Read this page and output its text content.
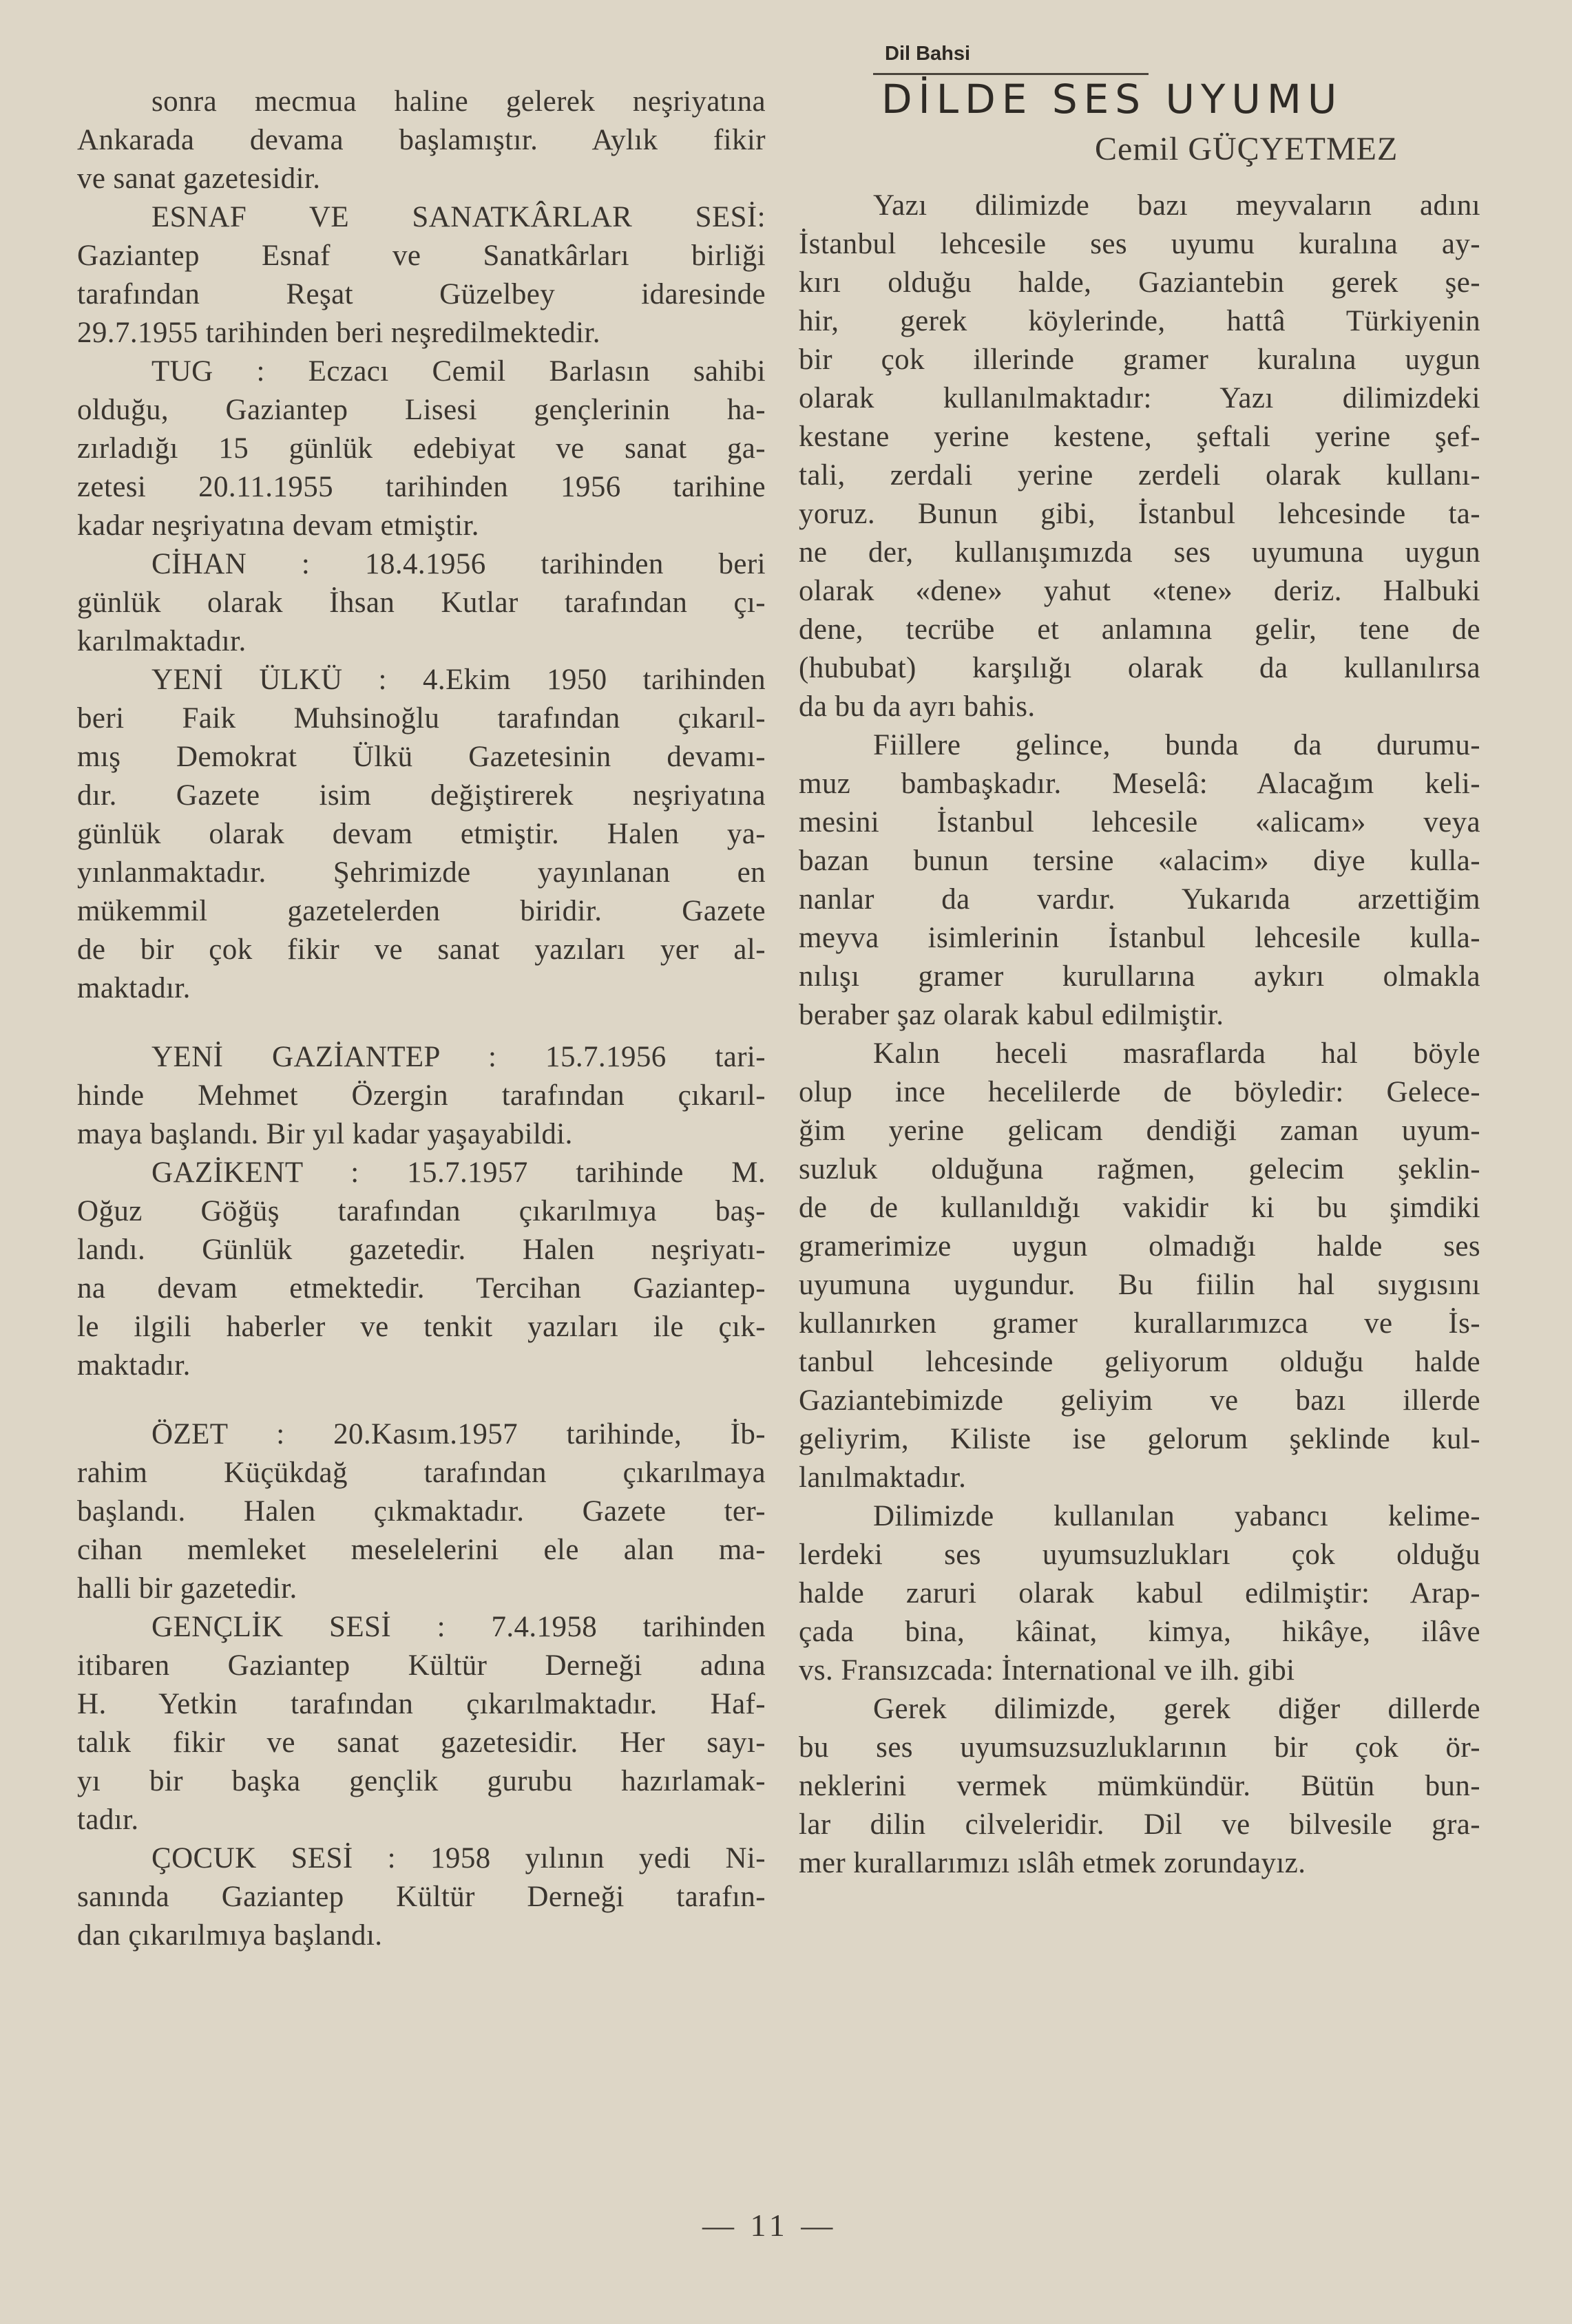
sonra mecmua haline gelerek neşriyatına
Ankarada devama başlamıştır. Aylık fikir
ve sanat gazetesidir.
ESNAF VE SANATKÂRLAR SESİ:
Gaziantep Esnaf ve Sanatkârları birliği
tarafından Reşat Güzelbey idaresinde
29.7.1955 tarihinden beri neşredilmektedir.
TUG : Eczacı Cemil Barlasın sahibi
olduğu, Gaziantep Lisesi gençlerinin ha-
zırladığı 15 günlük edebiyat ve sanat ga-
zetesi 20.11.1955 tarihinden 1956 tarihine
kadar neşriyatına devam etmiştir.
CİHAN : 18.4.1956 tarihinden beri
günlük olarak İhsan Kutlar tarafından çı-
karılmaktadır.
YENİ ÜLKÜ : 4.Ekim 1950 tarihinden
beri Faik Muhsinoğlu tarafından çıkarıl-
mış Demokrat Ülkü Gazetesinin devamı-
dır. Gazete isim değiştirerek neşriyatına
günlük olarak devam etmiştir. Halen ya-
yınlanmaktadır. Şehrimizde yayınlanan en
mükemmil gazetelerden biridir. Gazete
de bir çok fikir ve sanat yazıları yer al-
maktadır.
YENİ GAZİANTEP : 15.7.1956 tari-
hinde Mehmet Özergin tarafından çıkarıl-
maya başlandı. Bir yıl kadar yaşayabildi.
GAZİKENT : 15.7.1957 tarihinde M.
Oğuz Göğüş tarafından çıkarılmıya baş-
landı. Günlük gazetedir. Halen neşriyatı-
na devam etmektedir. Tercihan Gaziantep-
le ilgili haberler ve tenkit yazıları ile çık-
maktadır.
ÖZET : 20.Kasım.1957 tarihinde, İb-
rahim Küçükdağ tarafından çıkarılmaya
başlandı. Halen çıkmaktadır. Gazete ter-
cihan memleket meselelerini ele alan ma-
halli bir gazetedir.
GENÇLİK SESİ : 7.4.1958 tarihinden
itibaren Gaziantep Kültür Derneği adına
H. Yetkin tarafından çıkarılmaktadır. Haf-
talık fikir ve sanat gazetesidir. Her sayı-
yı bir başka gençlik gurubu hazırlamak-
tadır.
ÇOCUK SESİ : 1958 yılının yedi Ni-
sanında Gaziantep Kültür Derneği tarafın-
dan çıkarılmıya başlandı.
Dil Bahsi
DİLDE SES UYUMU
Cemil GÜÇYETMEZ
Yazı dilimizde bazı meyvaların adını
İstanbul lehcesile ses uyumu kuralına ay-
kırı olduğu halde, Gaziantebin gerek şe-
hir, gerek köylerinde, hattâ Türkiyenin
bir çok illerinde gramer kuralına uygun
olarak kullanılmaktadır: Yazı dilimizdeki
kestane yerine kestene, şeftali yerine şef-
tali, zerdali yerine zerdeli olarak kullanı-
yoruz. Bunun gibi, İstanbul lehcesinde ta-
ne der, kullanışımızda ses uyumuna uygun
olarak «dene» yahut «tene» deriz. Halbuki
dene, tecrübe et anlamına gelir, tene de
(hububat) karşılığı olarak da kullanılırsa
da bu da ayrı bahis.
Fiillere gelince, bunda da durumu-
muz bambaşkadır. Meselâ: Alacağım keli-
mesini İstanbul lehcesile «alicam» veya
bazan bunun tersine «alacim» diye kulla-
nanlar da vardır. Yukarıda arzettiğim
meyva isimlerinin İstanbul lehcesile kulla-
nılışı gramer kurullarına aykırı olmakla
beraber şaz olarak kabul edilmiştir.
Kalın heceli masraflarda hal böyle
olup ince hecelilerde de böyledir: Gelece-
ğim yerine gelicam dendiği zaman uyum-
suzluk olduğuna rağmen, gelecim şeklin-
de de kullanıldığı vakidir ki bu şimdiki
gramerimize uygun olmadığı halde ses
uyumuna uygundur. Bu fiilin hal sıygısını
kullanırken gramer kurallarımızca ve İs-
tanbul lehcesinde geliyorum olduğu halde
Gaziantebimizde geliyim ve bazı illerde
geliyrim, Kiliste ise gelorum şeklinde kul-
lanılmaktadır.
Dilimizde kullanılan yabancı kelime-
lerdeki ses uyumsuzlukları çok olduğu
halde zaruri olarak kabul edilmiştir: Arap-
çada bina, kâinat, kimya, hikâye, ilâve
vs. Fransızcada: İnternational ve ilh. gibi
Gerek dilimizde, gerek diğer dillerde
bu ses uyumsuzsuzluklarının bir çok ör-
neklerini vermek mümkündür. Bütün bun-
lar dilin cilveleridir. Dil ve bilvesile gra-
mer kurallarımızı ıslâh etmek zorundayız.
— 11 —
